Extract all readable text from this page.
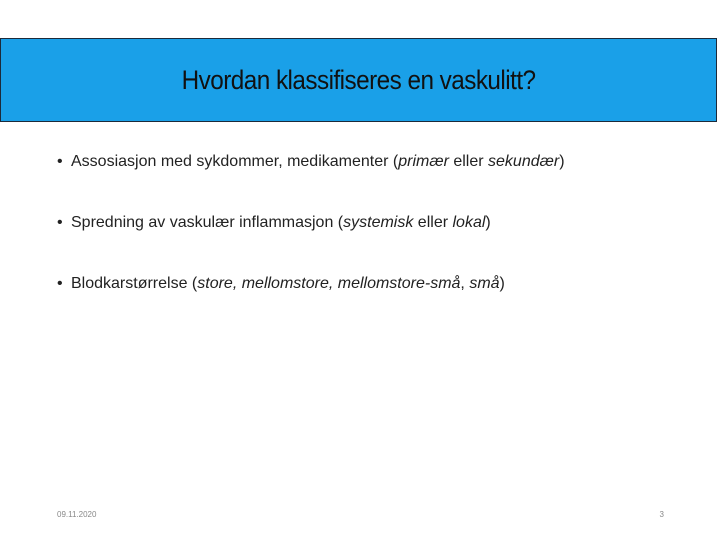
Hvordan klassifiseres en vaskulitt?
• Assosiasjon med sykdommer, medikamenter (primær eller sekundær)
• Spredning av vaskulær inflammasjon (systemisk eller lokal)
• Blodkarstørrelse (store, mellomstore, mellomstore-små, små)
09.11.2020	3
